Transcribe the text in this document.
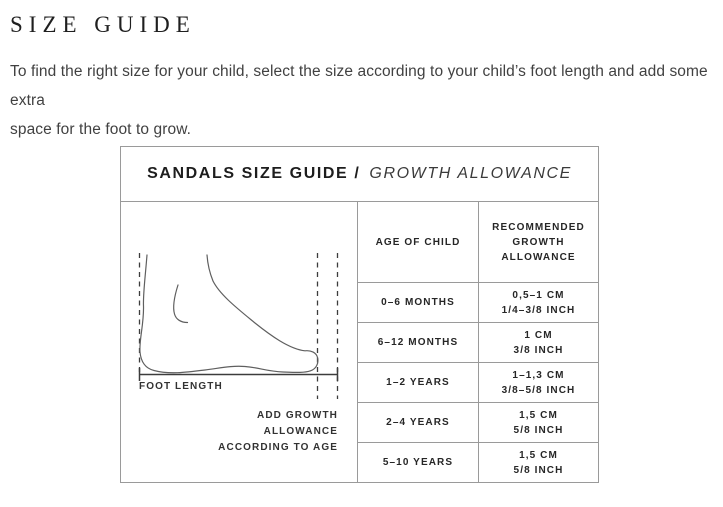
SIZE GUIDE

To find the right size for your child, select the size according to your child’s foot length and add some extra
space for the foot to grow.

SANDALS SIZE GUIDE / GROWTH ALLOWANCE
FOOT LENGTH
ADD GROWTH
ALLOWANCE
ACCORDING TO AGE
AGE OF CHILD
RECOMMENDED GROWTH ALLOWANCE
0–6 MONTHS
0,5–1 CM
1/4–3/8 INCH
6–12 MONTHS
1 CM
3/8 INCH
1–2 YEARS
1–1,3 CM
3/8–5/8 INCH
2–4 YEARS
1,5 CM
5/8 INCH
5–10 YEARS
1,5 CM
5/8 INCH
